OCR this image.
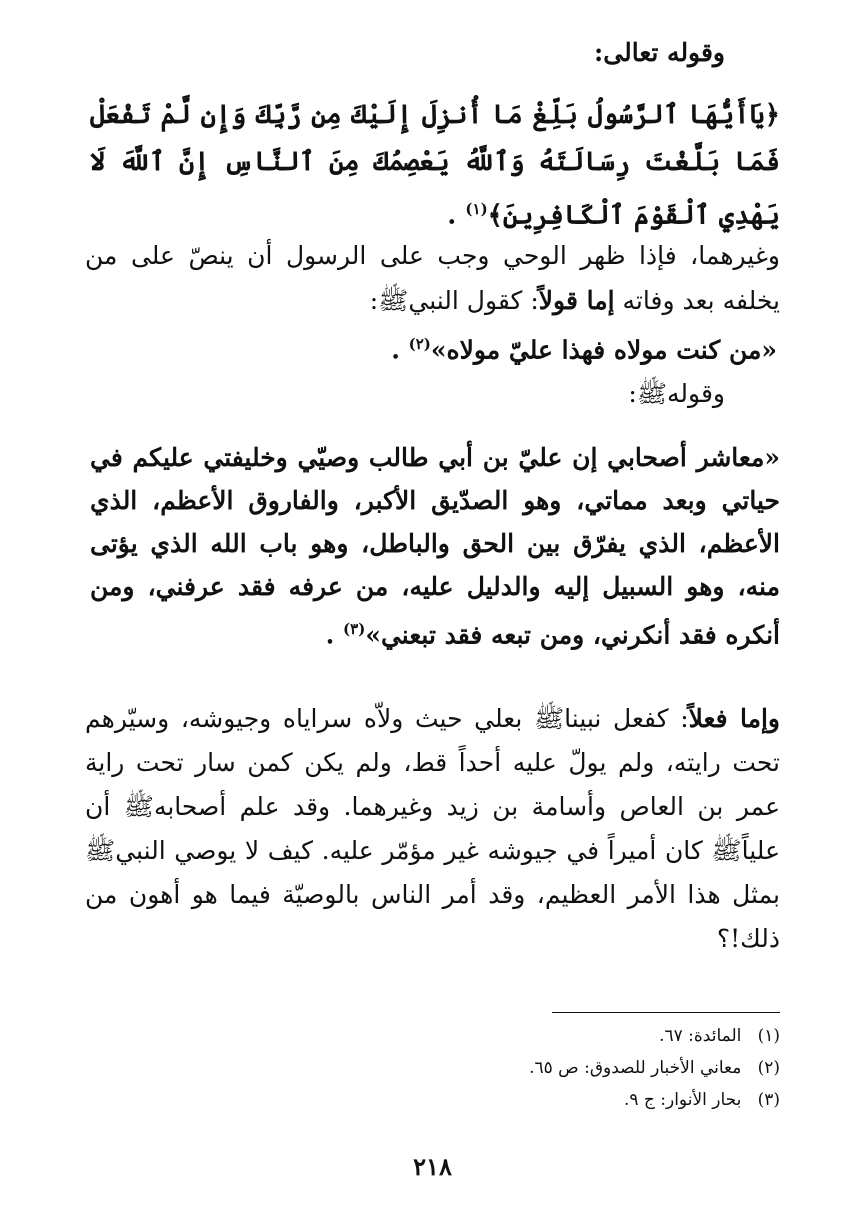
وقوله تعالى:
﴿يَاأَيُّهَا ٱلرَّسُولُ بَلِّغْ مَا أُنزِلَ إِلَيْكَ مِن رَّبِّكَ وَإِن لَّمْ تَفْعَلْ فَمَا بَلَّغْتَ رِسَالَتَهُ وَٱللَّهُ يَعْصِمُكَ مِنَ ٱلنَّاسِ إِنَّ ٱللَّهَ لَا يَهْدِي ٱلْقَوْمَ ٱلْكَافِرِينَ﴾$^{(١)}$ .
وغيرهما، فإذا ظهر الوحي وجب على الرسول أن ينصّ على من يخلفه بعد وفاته إما قولاً: كقول النبيﷺ:
«من كنت مولاه فهذا عليّ مولاه»$^{(٢)}$ .
وقولهﷺ:
«معاشر أصحابي إن عليّ بن أبي طالب وصيّي وخليفتي عليكم في حياتي وبعد مماتي، وهو الصدّيق الأكبر، والفاروق الأعظم، الذي الأعظم، الذي يفرّق بين الحق والباطل، وهو باب الله الذي يؤتى منه، وهو السبيل إليه والدليل عليه، من عرفه فقد عرفني، ومن أنكره فقد أنكرني، ومن تبعه فقد تبعني»$^{(٣)}$ .
وإما فعلاً: كفعل نبيناﷺ بعلي حيث ولاّه سراياه وجيوشه، وسيّرهم تحت رايته، ولم يولّ عليه أحداً قط، ولم يكن كمن سار تحت راية عمر بن العاص وأسامة بن زيد وغيرهما. وقد علم أصحابهﷺ أن علياًﷺ كان أميراً في جيوشه غير مؤمّر عليه. كيف لا يوصي النبيﷺ بمثل هذا الأمر العظيم، وقد أمر الناس بالوصيّة فيما هو أهون من ذلك!؟
(١)   المائدة: ٦٧.
(٢)   معاني الأخبار للصدوق: ص ٦٥.
(٣)   بحار الأنوار: ج ٩.
٢١٨
